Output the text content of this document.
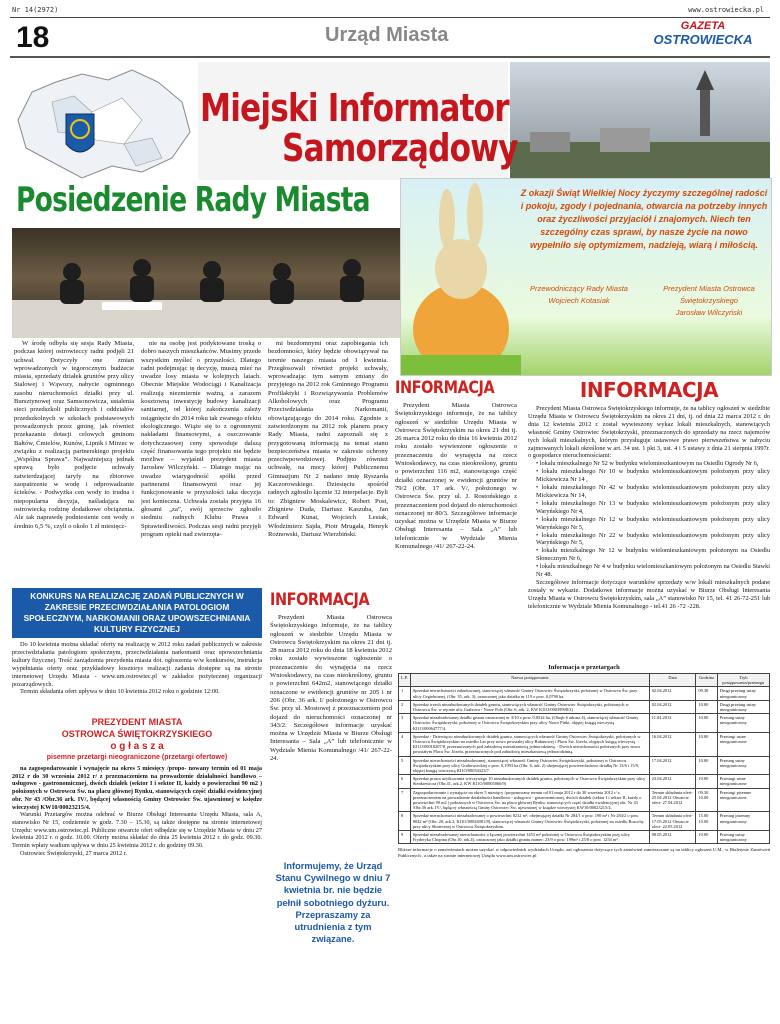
Nr 14(2972)	www.ostrowiecka.pl
18	Urząd Miasta	GAZETA
OSTROWIECKA
Miejski Informator
Samorządowy
Posiedzenie Rady Miasta

W środę odbyła się sesja Rady Miasta, podczas której ostrowieccy radni podjęli 21 uchwał. Dotyczyły one zmian wprowadzonych w tegorocznym budżecie miasta, sprzedaży działek gruntów przy ulicy Stalowej i Wąwozy, nabycie ogminnego zasobu nieruchomości działki przy ul. Bursztynowej oraz Samsonowicza, ustalenia sieci przedszkoli publicznych i oddziałów przedszkolnych w szkołach podstawowych prowadzonych przez gminę, jak również przekazaniu dotacji celowych gminom Bałtów, Ćmielów, Kunów, Lipnik i Mirzec w związku z realizacją partnerskiego projektu „Wspólna Sprawa”. Najważniejszą jednak sprawą było podjęcie uchwały zatwierdzającej taryfy na zbiorowe zaopatrzenie w wodę i odprowadzanie ścieków. - Podwyżka cen wody to trudna i niepopularna decyzja, naśladająca na ostrowiecką rodzinę dodatkowe obciążenia. Ale tak naprawdę podniesienie cen wody o średnio 6,5 %, czyli o około 1 zł miesięcz-

nie na osobę jest podyktowane troską o dobro naszych mieszkańców. Musimy przede wszystkim myśleć o przyszłości. Dlatego radni podejmując tę decyzję, muszą mieć na uwadze losy miasta w kolejnych latach. Obecnie Miejskie Wodociągi i Kanalizacja realizują niezmiernie ważną, a zarazem kosztowną inwestycję budowy kanalizacji sanitarnej, od której zakończenia zależy osiągnięcie do 2014 roku tak zwanego efektu ekologicznego. Wiąże się to z ogromnymi nakładami finansowymi, a oszczowanie dotychczasowej ceny spowoduje dalszą część finansowania tego projektu nie będzie możliwe – wyjaśnił prezydent miasta Jarosław Wilczyński. – Dlatego mając na uwadze wiarygodność spółki przed partnerami finansowymi oraz jej funkcjonowanie w przyszłości taka decyzja jest konieczna. Uchwała została przyjęta 16 głosami „za”, swój sprzeciw zgłosiło siedmiu radnych Klubu Prawa i Sprawiedliwości. Podczas sesji radni przyjęli program opieki nad zwierzęta-

mi bezdomnymi oraz zapobiegania ich bezdomności, który będzie obowiązywał na terenie naszego miasta od 1 kwietnia. Przegłosowali również projekt uchwały, wprowadzając tym samym zmiany do przyjętego na 2012 rok Gminnego Programu Profilaktyki i Rozwiązywania Problemów Alkoholowych oraz Programu Przeciwdziałania Narkomanii, obowiązującego do 2014 roku. Zgodnie z zatwierdzonym na 2012 rok planem pracy Rady Miasta, radni zapoznali się z przygotowaną informacją na temat stanu bezpieczeństwa miasta w zakresie ochrony przeciwpowodziowej. Podjęto również uchwałę, na mocy której Publicznemu Gimnazjum Nr 2 nadano imię Ryszarda Kaczorowskiego. Dziesięciu spośród radnych zgłosiło łącznie 32 interpelacje. Byli to: Zbigniew Moskalewicz, Robert Post, Zbigniew Duda, Dariusz Kaszuba, Jan Edward Kunat, Wojciech Lesiak, Włodzimierz Sajda, Piotr Mrugała, Henryk Rożnowski, Dariusz Wierzbiński.

Z okazji Świąt Wielkiej Nocy życzymy szczególnej radości i pokoju, zgody i pojednania, otwarcia na potrzeby innych oraz życzliwości przyjaciół i znajomych. Niech ten szczególny czas sprawi, by nasze życie na nowo wypełniło się optymizmem, nadzieją, wiarą i miłością.
Przewodniczący Rady Miasta
Wojciech Kotasiak
Prezydent Miasta Ostrowca Świętokrzyskiego
Jarosław Wilczyński
INFORMACJA

Prezydent Miasta Ostrowca Świętokrzyskiego informuje, że na tablicy ogłoszeń w siedzibie Urzędu Miasta w Ostrowcu Świętokrzyskim na okres 21 dni tj. 26 marca 2012 roku do dnia 16 kwietnia 2012 roku zostało wywieszone ogłoszenie o przeznaczeniu do wynajęcia na rzecz Wnioskodawcy, na czas nieokreślony, gruntu o powierzchni 116 m2, stanowiącego część działki oznaczonej w ewidencji gruntów nr 79/2 (Obr. 17 ark. V/, położonego w Ostrowcu Św. przy ul. J. Rostońskiego z przeznaczeniem pod dojazd do nieruchomości oznaczonej nr 80/3. Szczegółowe informacje uzyskać można w Urzędzie Miasta w Biurze Obsługi Interesanta – Sala „A” lub telefonicznie w Wydziale Mienia Komunalnego /41/ 267-22-24.

INFORMACJA

Prezydent Miasta Ostrowca Świętokrzyskiego informuje, że na tablicy ogłoszeń w siedzibie Urzędu Miasta w Ostrowcu Świętokrzyskim na okres 21 dni, tj. od dnia 22 marca 2012 r. do dnia 12 kwietnia 2012 r. został wywieszony wykaz lokali mieszkalnych, stanowiących własność Gminy Ostrowiec Świętokrzyski, przeznaczonych do sprzedaży na rzecz najemców tych lokali mieszkalnych, którym przysługuje ustawowe prawo pierwszeństwa w nabyciu zajmowanych lokali określone w art. 34 ust. 1 pkt 3, ust. 4 i 5 ustawy z dnia 21 sierpnia 1997r. o gospodarce nieruchomościami:

• lokalu mieszkalnego Nr 52 w budynku wielomieszkaniowym na Osiedlu Ogrody Nr 6,
• lokalu mieszkalnego Nr 10 w budynku wielomieszkaniowym położonym przy ulicy Mickiewicza Nr 14 ,
• lokalu mieszkalnego Nr 42 w budynku wielomieszkaniowym położonym przy ulicy Mickiewicza Nr 14,
• lokalu mieszkalnego Nr 13 w budynku wielomieszkaniowym położonym przy ulicy Waryńskiego Nr 4,
• lokalu mieszkalnego Nr 12 w budynku wielomieszkaniowym położonym przy ulicy Waryńskiego Nr 5,
• lokalu mieszkalnego Nr 22 w budynku wielomieszkaniowym położonym przy ulicy Waryńskiego Nr 5,
• lokalu mieszkalnego Nr 12 w budynku wielomieszkaniowym położonym na Osiedlu Słonecznym Nr 6,
• lokalu mieszkalnego Nr 4 w budynku wielomieszkaniowym położonym na Osiedlu Stawki Nr 48.

Szczegółowe informacje dotyczące warunków sprzedaży w/w lokali mieszkalnych podane zostały w wykazie. Dodatkowe informacje można uzyskać w Biurze Obsługi Interesanta Urzędu Miasta w Ostrowcu Świętokrzyskim, sala „A” stanowisko Nr 15, tel. 41 26-72-251 lub telefonicznie w Wydziale Mienia Komunalnego - tel.41 26 -72 -228.

KONKURS NA REALIZACJĘ ZADAŃ PUBLICZNYCH W ZAKRESIE PRZECIWDZIAŁANIA PATOLOGIOM SPOŁECZNYM, NARKOMANII ORAZ UPOWSZECHNIANIA KULTURY FIZYCZNEJ

Do 10 kwietnia można składać oferty na realizację w 2012 roku zadań publicznych w zakresie przeciwdziałania patologiom społecznym, przeciwdziałania narkomanii oraz upowszechniania kultury fizycznej. Treść zarządzenia prezydenta miasta dot. ogłoszenia w/w konkursów, instrukcja wypełniania oferty oraz przykładowy kosztorys realizacji zadania dostępne są na stronie internetowej Urzędu Miasta - www.um.ostrowiec.pl w zakładce pożytecznej organizacji pozarządowych.

Termin składania ofert upływa w dniu 10 kwietnia 2012 roku o godzinie 12:00.

PREZYDENT MIASTA
OSTROWCA ŚWIĘTOKRZYSKIEGO
o g ł a s z a
pisemne przetargi nieograniczone (przetargi ofertowe)

na zagospodarowanie i wynajęcie na okres 5 miesięcy /propo- nowany termin od 01 maja 2012 r do 30 września 2012 r/ z przeznaczeniem na prowadzenie działalności handlowo – usługowo - gastronomicznej, dwóch działek (sektor I i sektor II, każdy o powierzchni 90 m2 ) położonych w Ostrowcu Św. na placu głównej Rynku, stanowiących część działki ewidencyjnej obr. Nr 43 /Obr.36 ark. IV/, będącej własnością Gminy Ostrowiec Św. ujawnionej w księdze wieczystej KW10/00023215/4.

Warunki Przetargów można odebrać w Biurze Obsługi Interesanta Urzędu Miasta, sala A, stanowisko Nr 15, codziennie w godz. 7.30 – 15.30, są także dostępne na stronie internetowej Urzędu: www.um.ostrowiec.pl. Publiczne otwarcie ofert odbędzie się w Urzędzie Miasta w dniu 27 kwietnia 2012 r. o godz. 10.00. Oferty można składać do dnia 25 kwietnia 2012 r. do godz. 09.30. Termin wpłaty wadium upływa w dniu 25 kwietnia 2012 r. do godziny 09.30.

Ostrowiec Świętokrzyski, 27 marca 2012 r.

INFORMACJA

Prezydent Miasta Ostrowca Świętokrzyskiego informuje, że na tablicy ogłoszeń w siedzibie Urzędu Miasta w Ostrowcu Świętokrzyskim na okres 21 dni tj. 28 marca 2012 roku do dnia 18 kwietnia 2012 roku zostało wywieszone ogłoszenie o przeznaczeniu do wynajęcia na rzecz Wnioskodawcy, na czas nieokreślony, gruntu o powierzchni 642m2, stanowiącego działki oznaczone w ewidencji gruntów nr 205 i nr 206 (Obr. 36 ark. I/ położonego w Ostrowcu Św. przy ul. Mostowej z przeznaczeniem pod dojazd do nieruchomości oznaczonej nr 343/2. Szczegółowe informacje uzyskać można w Urzędzie Miasta w Biurze Obsługi Interesanta – Sala „A” lub telefonicznie w Wydziale Mienia Komunalnego /41/ 267-22-24.

Informujemy, że Urząd Stanu Cywilnego w dniu 7 kwietnia br. nie będzie pełnił sobotniego dyżuru. Przepraszamy za utrudnienia z tym związane.
Informacja o przetargach
L.P.	Nazwa postępowania	Data	Godzina	Tryb postępowania/przetargu
1	Sprzedaż nieruchomości zabudowanej, stanowiącej własność Gminy Ostrowiec Świętokrzyski, położonej w Ostrowcu Św. przy ulicy Cegielnianej, (Obr. 35, ark. 3), oznaczonej jako działka nr 119 o pow. 0,0790 ha.	02.04.2012	09.30	Drugi przetarg ustny nieograniczony
2	Sprzedaż trzech niezabudowanych działek gruntu, stanowiących własność Gminy Ostrowiec Świętokrzyski, położonych w Ostrowcu Św. w rejonie ulic Grabowa - Nowe Pole (Obr. 6, ark. 2, KW KI1O/00039998/3)	02.04.2012	10.00	Drugi przetarg ustny nieograniczony
3	Sprzedaż niezabudowanej działki gruntu oznaczonej nr 3/10 o pow. 0,0524 ha, (Obręb 6 arkusz 4), stanowiącej własność Gminy Ostrowiec Świętokrzyski, położonej w Ostrowcu Świętokrzyskim przy ulicy Nowe Pińki, objętej księgą wieczystą KI1O/00064777/4.	11.04.2012	10.00	Przetarg ustny nieograniczony
4	Sprzedaż - Dziewięciu niezabudowanych działek gruntu, stanowiących własność Gminy Ostrowiec Świętokrzyski, położonych w Ostrowcu Świętokrzyskim na osiedlu Las przy nowo powstałej ulicy Rubinowej i Placu Św. Józefa, objętych księgą wieczystą KI1O/00018207/8, przeznaczonych pod zabudowę mieszkaniową jednorodzinną. - Dwóch nieruchomości położonych przy nowo powstałym Placu Św. Józefa, przeznaczonych pod zabudowę mieszkaniową jednorodzinną.	16.04.2012	10.00	Przetargi ustne nieograniczone
5	Sprzedaż nieruchomości niezabudowanej, stanowiącej własność Gminy Ostrowiec Świętokrzyski, położonej w Ostrowcu Świętokrzyskim przy ulicy Grabowieckiej o pow. 0,1993 ha (Obr. 6, ark. 2) obejmującej powierzchniowo działkę Nr 13/6 i 15/9, objętej księgą wieczystą KI1O/00034323/7.	17.04.2012	10.00	Przetarg ustny nieograniczony
6	Sprzedaż prawa użytkowania wieczystego 10 niezabudowanych działek gruntu, położonych w Ostrowcu Świętokrzyskim przy ulicy Sienkiewicza (Obr.41, ark.2, KW KI1O/00005066/9)	23.04.2012	10.00	Przetargi ustne nieograniczone
7	Zagospodarowanie i wynajęcie na okres 5 miesięcy /proponowany termin od 01 maja 2012 r do 30 września 2012 r/ z przeznaczeniem na prowadzenie działalności handlowo - usługowo - gastronomicznej, dwóch działek (sektor I i sektor II, każdy o powierzchni 90 m2 ) położonych w Ostrowcu Św. na placu głównej Rynku, stanowiących część działki ewidencyjnej obr. Nr 43 /Obr.36 ark. IV/, będącej własnością Gminy Ostrowiec Św. ujawnionej w księdze wieczystej KW10/00023215/4.	Termin składania ofert- 25.04.2012 Otwarcie ofert- 27.04.2012	09.30 10.00	Przetargi pisemne nieograniczone
8	Sprzedaż nieruchomości niezabudowanej o powierzchni 8232 m², obejmującej działki Nr 284/1 o pow. 190 m² i Nr 284/2 o pow. 8042 m² (Obr. 20, ark.2, KI1O/00026981/8), stanowiącej własność Gminy Ostrowiec Świętokrzyski, położonej na osiedlu Rosochy przy ulicy Słonecznej w Ostrowcu Świętokrzyskim.	Termin składania ofert- 17.05.2012 Otwarcie ofert- 22.05.2012	15.00 10.00	Przetarg pisemny nieograniczony
9	Sprzedaż niezabudowanej nieruchomości o łącznej powierzchni 1453 m² położonej w Ostrowcu Świętokrzyskim przy ulicy Fryderyka Chopina (Obr.10, ark.4), oznaczonej jako działki gruntu numer: 23/9 o pow. 199m² i 25/8 o pow. 1254 m².	08.05.2012	10.00	Przetarg ustny nieograniczony
Bliższe informacje o zamówieniach można uzyskać w odpowiednich wydziałach Urzędu, zaś ogłoszenia dotyczące tych zamówień zamieszczane są na tablicy ogłoszeń U.M., w Biuletynie Zamówień Publicznych , a także na stronie internetowej Urzędu www.um.ostrowiec.pl
